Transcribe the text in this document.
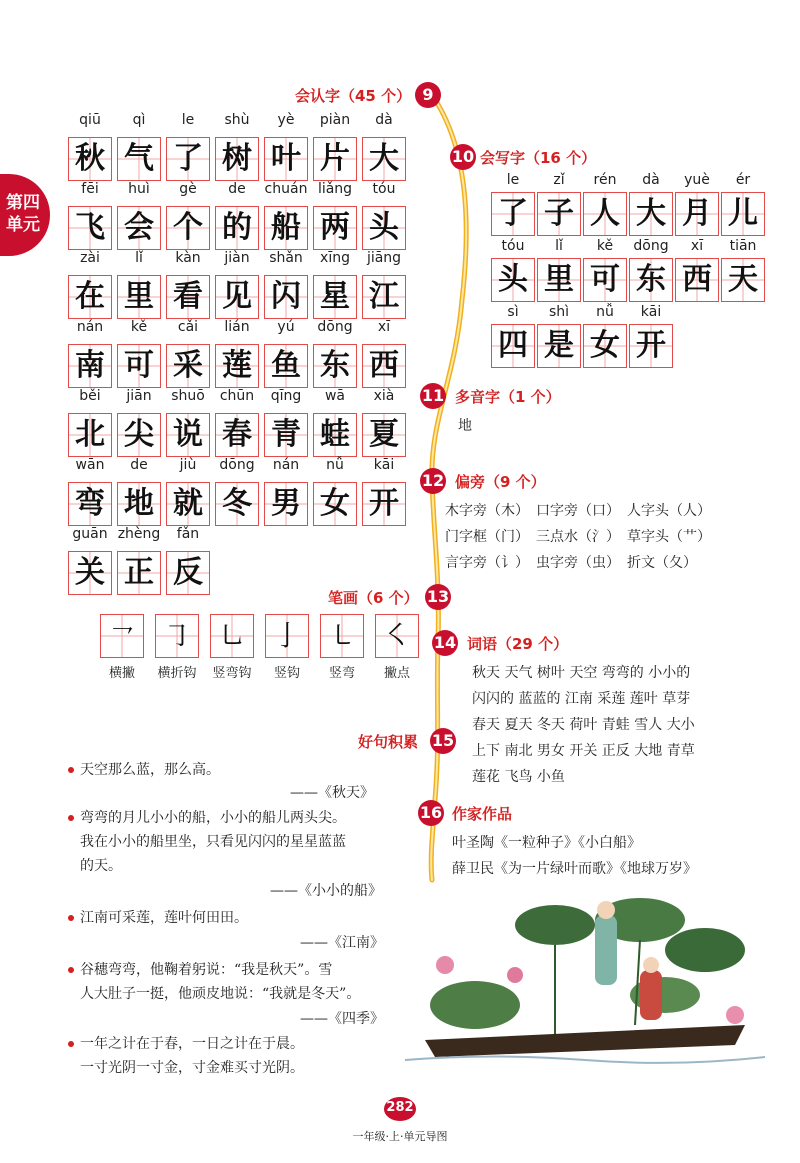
第四单元
会认字（45 个） 9
10 会写字（16 个）
11 多音字（1 个）
地
12 偏旁（9 个）
木字旁（木）　口字旁（口）　人字头（人）
门字框（门）　三点水（氵）　草字头（艹）
言字旁（讠）　虫字旁（虫）　折文（夂）
笔画（6 个） 13
14 词语（29 个）
秋天 天气 树叶 天空 弯弯的 小小的
闪闪的 蓝蓝的 江南 采莲 莲叶 草芽
春天 夏天 冬天 荷叶 青蛙 雪人 大小
上下 南北 男女 开关 正反 大地 青草
莲花 飞鸟 小鱼
好句积累 15
16 作家作品
叶圣陶《一粒种子》《小白船》
薛卫民《为一片绿叶而歌》《地球万岁》
qiū
秋
qì
气
le
了
shù
树
yè
叶
piàn
片
dà
大
fēi
飞
huì
会
gè
个
de
的
chuán
船
liǎng
两
tóu
头
zài
在
lǐ
里
kàn
看
jiàn
见
shǎn
闪
xīng
星
jiāng
江
nán
南
kě
可
cǎi
采
lián
莲
yú
鱼
dōng
东
xī
西
běi
北
jiān
尖
shuō
说
chūn
春
qīng
青
wā
蛙
xià
夏
wān
弯
de
地
jiù
就
dōng
冬
nán
男
nǚ
女
kāi
开
guān
关
zhèng
正
fǎn
反
le
了
zǐ
子
rén
人
dà
大
yuè
月
ér
儿
tóu
头
lǐ
里
kě
可
dōng
东
xī
西
tiān
天
sì
四
shì
是
nǚ
女
kāi
开
㇖
横撇
㇆
横折钩
㇟
竖弯钩
亅
竖钩
㇄
竖弯
㇛
撇点
天空那么蓝，那么高。
——《秋天》
弯弯的月儿小小的船，小小的船儿两头尖。
我在小小的船里坐，只看见闪闪的星星蓝蓝
的天。
——《小小的船》
江南可采莲，莲叶何田田。
——《江南》
谷穗弯弯，他鞠着躬说：“我是秋天”。雪
人大肚子一挺，他顽皮地说：“我就是冬天”。
——《四季》
一年之计在于春，一日之计在于晨。
一寸光阴一寸金，寸金难买寸光阴。
282
一年级·上·单元导图
